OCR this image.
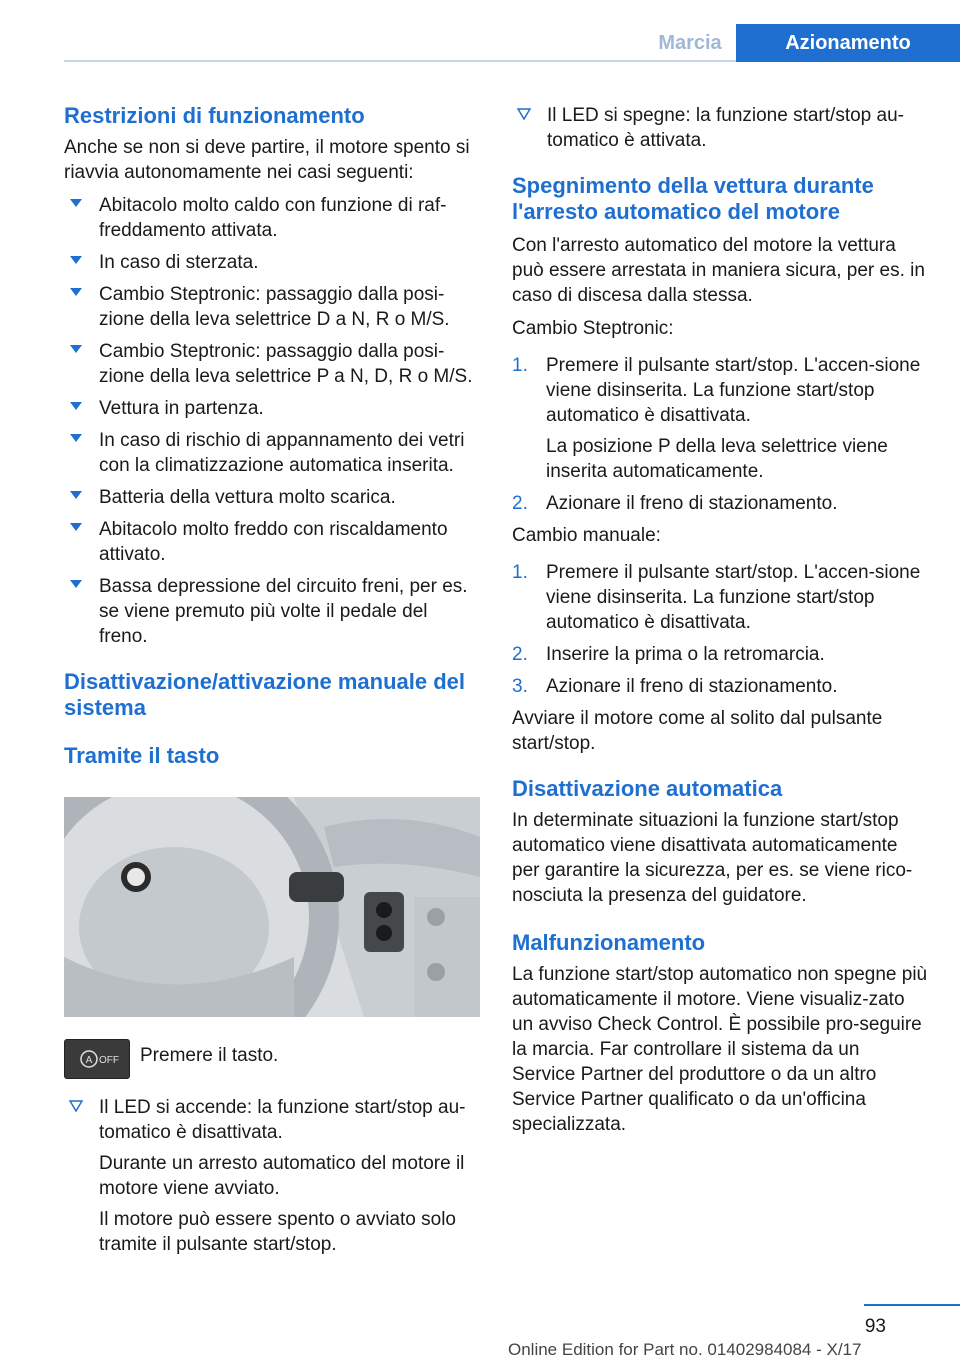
Marcia	Azionamento
Restrizioni di funzionamento

Anche se non si deve partire, il motore spento si riavvia autonomamente nei casi seguenti:

Abitacolo molto caldo con funzione di raf‐freddamento attivata.
In caso di sterzata.
Cambio Steptronic: passaggio dalla posi‐zione della leva selettrice D a N, R o M/S.
Cambio Steptronic: passaggio dalla posi‐zione della leva selettrice P a N, D, R o M/S.
Vettura in partenza.
In caso di rischio di appannamento dei vetri con la climatizzazione automatica inserita.
Batteria della vettura molto scarica.
Abitacolo molto freddo con riscaldamento attivato.
Bassa depressione del circuito freni, per es. se viene premuto più volte il pedale del freno.
Disattivazione/attivazione manuale del sistema
Tramite il tasto
A OFF Premere il tasto.
Il LED si accende: la funzione start/stop au‐tomatico è disattivata.
Durante un arresto automatico del motore il motore viene avviato.
Il motore può essere spento o avviato solo tramite il pulsante start/stop.
Il LED si spegne: la funzione start/stop au‐tomatico è attivata.
Spegnimento della vettura durante l'arresto automatico del motore

Con l'arresto automatico del motore la vettura può essere arrestata in maniera sicura, per es. in caso di discesa dalla stessa.

Cambio Steptronic:

1. Premere il pulsante start/stop. L'accen‐sione viene disinserita. La funzione start/stop automatico è disattivata.
La posizione P della leva selettrice viene inserita automaticamente.
2. Azionare il freno di stazionamento.

Cambio manuale:

1. Premere il pulsante start/stop. L'accen‐sione viene disinserita. La funzione start/stop automatico è disattivata.
2. Inserire la prima o la retromarcia.
3. Azionare il freno di stazionamento.

Avviare il motore come al solito dal pulsante start/stop.

Disattivazione automatica

In determinate situazioni la funzione start/stop automatico viene disattivata automaticamente per garantire la sicurezza, per es. se viene rico‐nosciuta la presenza del guidatore.

Malfunzionamento

La funzione start/stop automatico non spegne più automaticamente il motore. Viene visualiz‐zato un avviso Check Control. È possibile pro‐seguire la marcia. Far controllare il sistema da un Service Partner del produttore o da un altro Service Partner qualificato o da un'officina specializzata.

93
Online Edition for Part no. 01402984084 - X/17
